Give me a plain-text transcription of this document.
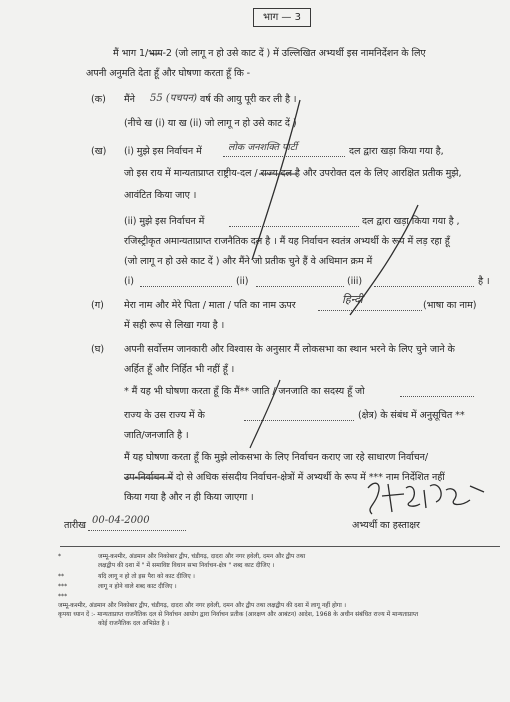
भाग — 3
मैं भाग 1/भाग-2 (जो लागू न हो उसे काट दें ) में उल्लिखित अभ्यर्थी इस नामनिर्देशन के लिए
अपनी अनुमति देता हूँ और घोषणा करता हूँ कि -
(क) मैंने 55 (पचपन) वर्ष की आयु पूरी कर ली है ।
(नीचे ख (i) या ख (ii) जो लागू न हो उसे काट दें )
(ख) (i) मुझे इस निर्वाचन में	लोक जनशक्ति पार्टी	दल द्वारा खड़ा किया गया है,
जो इस राय में मान्यताप्राप्त राष्ट्रीय-दल / राज्य दल है और उपरोक्त दल के लिए आरक्षित प्रतीक मुझे,
आवंटित किया जाए ।
(ii) मुझे इस निर्वाचन में	दल द्वारा खड़ा किया गया है ,
रजिस्ट्रीकृत अमान्यताप्राप्त राजनैतिक दल है । मैं यह निर्वाचन स्वतंत्र अभ्यर्थी के रूप में लड़ रहा हूँ
(जो लागू न हो उसे काट दें ) और मैंने जो प्रतीक चुने हैं वे अधिमान क्रम में
(i)	(ii)	(iii)	है ।
(ग) मेरा नाम और मेरे पिता / माता / पति का नाम ऊपर	हिन्दी	(भाषा का नाम)
में सही रूप से लिखा गया है ।
(घ) अपनी सर्वोत्तम जानकारी और विश्वास के अनुसार मैं लोकसभा का स्थान भरने के लिए चुने जाने के
अर्हित हूँ और निर्हित भी नहीं हूँ ।
* मैं यह भी घोषणा करता हूँ कि मैं** जाति / जनजाति का सदस्य हूँ जो
राज्य के उस राज्य में के	(क्षेत्र) के संबंध में अनुसूचित **
जाति/जनजाति है ।
मैं यह घोषणा करता हूँ कि मुझे लोकसभा के लिए निर्वाचन कराए जा रहे साधारण निर्वाचन/
उप-निर्वाचन में दो से अधिक संसदीय निर्वाचन-क्षेत्रों में अभ्यर्थी के रूप में *** नाम निर्देशित नहीं
किया गया है और न ही किया जाएगा ।
तारीख 00-04-2000	अभ्यर्थी का हस्ताक्षर
*	जम्मू-कश्मीर, अंडमान और निकोबार द्वीप, चंडीगढ़, दादरा और नगर हवेली, दमन और द्वीप तथा
लक्षद्वीप की दशा में " में समाविष्ट विधान सभा निर्वाचन-क्षेत्र " शब्द काट दीजिए ।
**	यदि लागू न हो तो इस पैरा को काट दीजिए ।
***	लागू न होने वाले शब्द काट दीजिए ।
***
जम्मू-कश्मीर, अंडमान और निकोबार द्वीप, चंडीगढ़, दादरा और नगर हवेली, दमन और द्वीप तथा लक्षद्वीप की दशा में लागू नहीं होगा ।
कृपया ध्यान दें :- मान्यताप्राप्त राजनैतिक दल से निर्वाचन आयोग द्वारा निर्वाचन प्रतीक (आरक्षण और आबंटन) आदेश, 1968 के अधीन संबंधित राज्य में मान्यताप्राप्त
कोई राजनैतिक दल अभिप्रेत है ।
